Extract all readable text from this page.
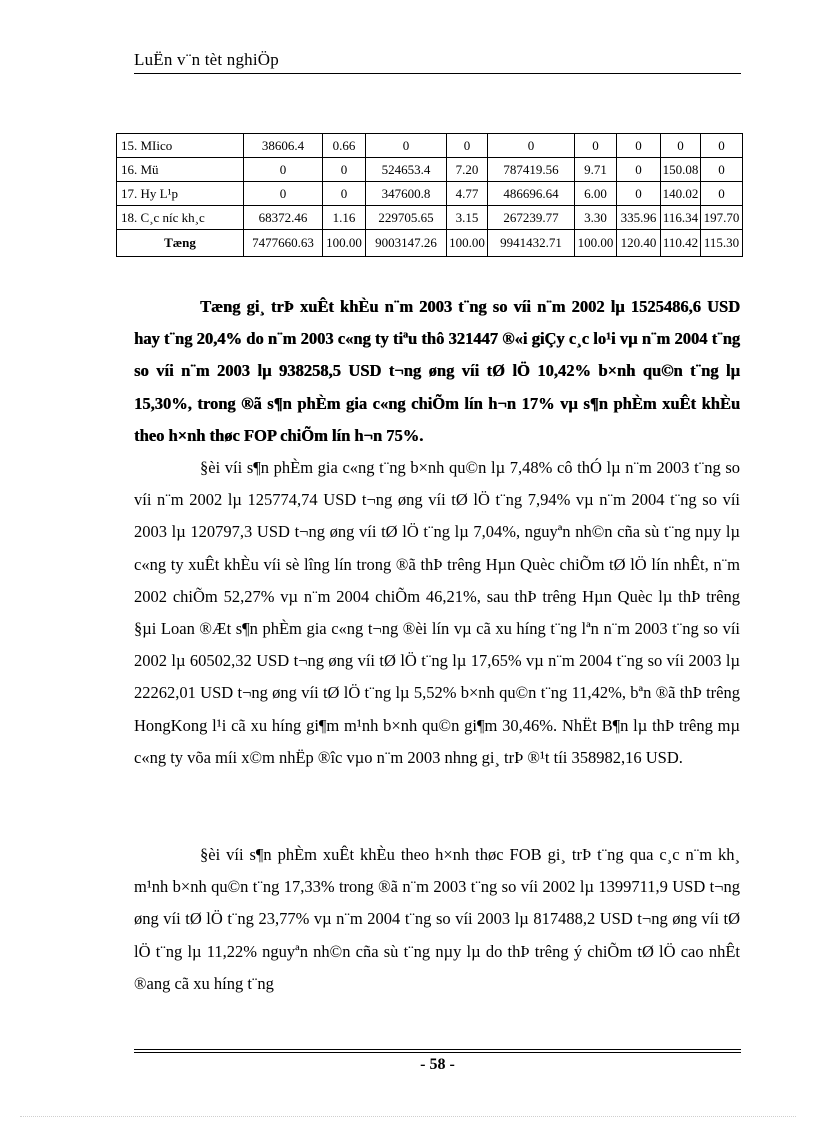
LuËn v¨n tèt nghiÖp
15. MIico	38606.4	0.66	0	0	0	0	0	0	0
16. Mü	0	0	524653.4	7.20	787419.56	9.71	0	150.08	0
17. Hy L¹p	0	0	347600.8	4.77	486696.64	6.00	0	140.02	0
18. C¸c níc kh¸c	68372.46	1.16	229705.65	3.15	267239.77	3.30	335.96	116.34	197.70
Tæng	7477660.63	100.00	9003147.26	100.00	9941432.71	100.00	120.40	110.42	115.30

Tæng gi¸ trÞ xuÊt khÈu n¨m 2003 t¨ng so víi n¨m 2002 lµ 1525486,6 USD hay t¨ng 20,4% do n¨m 2003 c«ng ty tiªu thô 321447 ®«i giÇy c¸c lo¹i vµ n¨m 2004 t¨ng so víi n¨m 2003 lµ 938258,5 USD t¬ng øng víi tØ lÖ 10,42% b×nh qu©n t¨ng lµ 15,30%, trong ®ã s¶n phÈm gia c«ng chiÕm lín h¬n 17% vµ s¶n phÈm xuÊt khÈu theo h×nh thøc FOP chiÕm lín h¬n 75%.

§èi víi s¶n phÈm gia c«ng t¨ng b×nh qu©n lµ 7,48% cô thÓ lµ n¨m 2003 t¨ng so víi n¨m 2002 lµ 125774,74 USD t¬ng øng víi tØ lÖ t¨ng 7,94% vµ n¨m 2004 t¨ng so víi 2003 lµ 120797,3 USD t¬ng øng víi tØ lÖ t¨ng lµ 7,04%, nguyªn nh©n cña sù t¨ng nµy lµ c«ng ty xuÊt khÈu víi sè lîng lín trong ®ã thÞ trêng Hµn Quèc chiÕm tØ lÖ lín nhÊt, n¨m 2002 chiÕm 52,27% vµ n¨m 2004 chiÕm 46,21%, sau thÞ trêng Hµn Quèc lµ thÞ trêng §µi Loan ®Æt s¶n phÈm gia c«ng t¬ng ®èi lín vµ cã xu híng t¨ng lªn n¨m 2003 t¨ng so víi 2002 lµ 60502,32 USD t¬ng øng víi tØ lÖ t¨ng lµ 17,65% vµ n¨m 2004 t¨ng so víi 2003 lµ 22262,01 USD t¬ng øng víi tØ lÖ t¨ng lµ 5,52% b×nh qu©n t¨ng 11,42%, bªn ®ã thÞ trêng HongKong l¹i cã xu híng gi¶m m¹nh b×nh qu©n gi¶m 30,46%. NhËt B¶n lµ thÞ trêng mµ c«ng ty võa míi x©m nhËp ®îc vµo n¨m 2003 nhng gi¸ trÞ ®¹t tíi 358982,16 USD.

§èi víi s¶n phÈm xuÊt khÈu theo h×nh thøc FOB gi¸ trÞ t¨ng qua c¸c n¨m kh¸ m¹nh b×nh qu©n t¨ng 17,33% trong ®ã n¨m 2003 t¨ng so víi 2002 lµ 1399711,9 USD t¬ng øng víi tØ lÖ t¨ng 23,77% vµ n¨m 2004 t¨ng so víi 2003 lµ 817488,2 USD t¬ng øng víi tØ lÖ t¨ng lµ 11,22% nguyªn nh©n cña sù t¨ng nµy lµ do thÞ trêng ý chiÕm tØ lÖ cao nhÊt ®ang cã xu híng t¨ng

- 58 -
